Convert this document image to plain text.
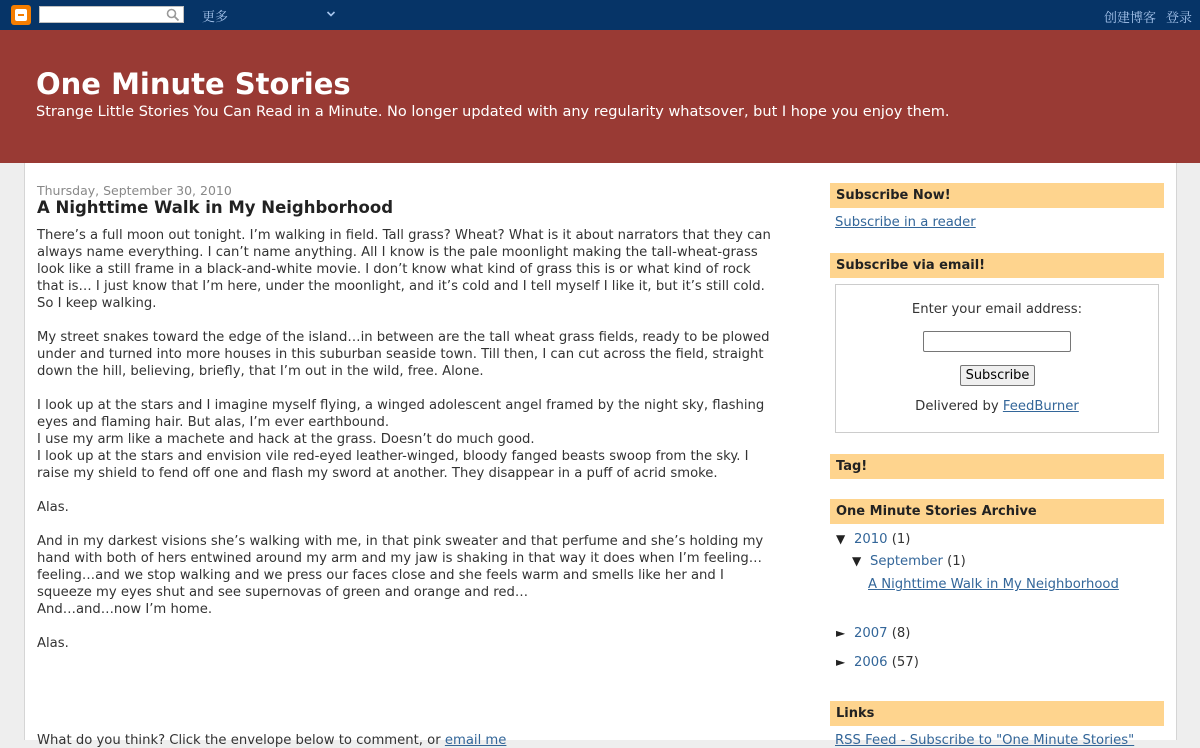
更多	创建博客 登录
One Minute Stories

Strange Little Stories You Can Read in a Minute. No longer updated with any regularity whatsover, but I hope you enjoy them.

Thursday, September 30, 2010
A Nighttime Walk in My Neighborhood

There’s a full moon out tonight. I’m walking in field. Tall grass? Wheat? What is it about narrators that they can

always name everything. I can’t name anything. All I know is the pale moonlight making the tall-wheat-grass

look like a still frame in a black-and-white movie. I don’t know what kind of grass this is or what kind of rock

that is… I just know that I’m here, under the moonlight, and it’s cold and I tell myself I like it, but it’s still cold.

So I keep walking.

My street snakes toward the edge of the island…in between are the tall wheat grass fields, ready to be plowed

under and turned into more houses in this suburban seaside town. Till then, I can cut across the field, straight

down the hill, believing, briefly, that I’m out in the wild, free. Alone.

I look up at the stars and I imagine myself flying, a winged adolescent angel framed by the night sky, flashing

eyes and flaming hair. But alas, I’m ever earthbound.

I use my arm like a machete and hack at the grass. Doesn’t do much good.

I look up at the stars and envision vile red-eyed leather-winged, bloody fanged beasts swoop from the sky. I

raise my shield to fend off one and flash my sword at another. They disappear in a puff of acrid smoke.

Alas.

And in my darkest visions she’s walking with me, in that pink sweater and that perfume and she’s holding my

hand with both of hers entwined around my arm and my jaw is shaking in that way it does when I’m feeling…

feeling…and we stop walking and we press our faces close and she feels warm and smells like her and I

squeeze my eyes shut and see supernovas of green and orange and red…

And…and…now I’m home.

Alas.

What do you think? Click the envelope below to comment, or email me
Subscribe Now!
Subscribe in a reader
Subscribe via email!
Enter your email address:
Subscribe
Delivered by FeedBurner
Tag!
One Minute Stories Archive
▼ 2010 (1)
▼ September (1)
A Nighttime Walk in My Neighborhood
► 2007 (8)
► 2006 (57)
Links
RSS Feed - Subscribe to "One Minute Stories"
